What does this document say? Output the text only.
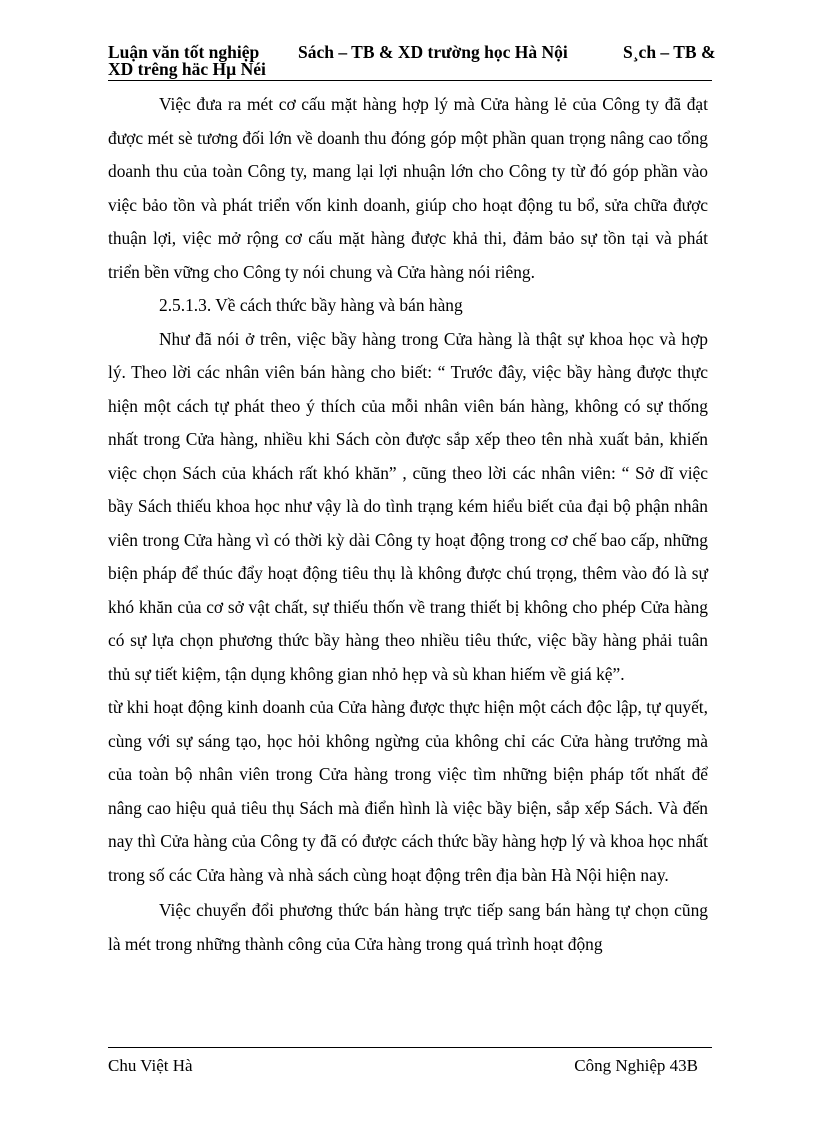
Luận văn tốt nghiệp Sách – TB & XD trường học Hà Nội	S¸ch – TB &
XD trêng häc Hµ Néi

Việc đưa ra mét cơ cấu mặt hàng hợp lý mà Cửa hàng lẻ của Công ty đã đạt được mét sè tương đối lớn về doanh thu đóng góp một phần quan trọng nâng cao tổng doanh thu của toàn Công ty, mang lại lợi nhuận lớn cho Công ty từ đó góp phần vào việc bảo tồn và phát triển vốn kinh doanh, giúp cho hoạt động tu bổ, sửa chữa được thuận lợi, việc mở rộng cơ cấu mặt hàng được khả thi, đảm bảo sự tồn tại và phát triển bền vững cho Công ty nói chung và Cửa hàng nói riêng.

2.5.1.3. Về cách thức bầy hàng và bán hàng

Như đã nói ở trên, việc bầy hàng trong Cửa hàng là thật sự khoa học và hợp lý. Theo lời các nhân viên bán hàng cho biết: “ Trước đây, việc bầy hàng được thực hiện một cách tự phát theo ý thích của mỗi nhân viên bán hàng, không có sự thống nhất trong Cửa hàng, nhiều khi Sách còn được sắp xếp theo tên nhà xuất bản, khiến việc chọn Sách của khách rất khó khăn” , cũng theo lời các nhân viên: “ Sở dĩ việc bầy Sách thiếu khoa học như vậy là do tình trạng kém hiểu biết của đại bộ phận nhân viên trong Cửa hàng vì có thời kỳ dài Công ty hoạt động trong cơ chế bao cấp, những biện pháp để thúc đẩy hoạt động tiêu thụ là không được chú trọng, thêm vào đó là sự khó khăn của cơ sở vật chất, sự thiếu thốn về trang thiết bị không cho phép Cửa hàng có sự lựa chọn phương thức bầy hàng theo nhiều tiêu thức, việc bầy hàng phải tuân thủ sự tiết kiệm, tận dụng không gian nhỏ hẹp và sù khan hiếm về giá kệ”.

từ khi hoạt động kinh doanh của Cửa hàng được thực hiện một cách độc lập, tự quyết, cùng với sự sáng tạo, học hỏi không ngừng của không chỉ các Cửa hàng trưởng mà của toàn bộ nhân viên trong Cửa hàng trong việc tìm những biện pháp tốt nhất để nâng cao hiệu quả tiêu thụ Sách mà điển hình là việc bầy biện, sắp xếp Sách. Và đến nay thì Cửa hàng của Công ty đã có được cách thức bầy hàng hợp lý và khoa học nhất trong số các Cửa hàng và nhà sách cùng hoạt động trên địa bàn Hà Nội hiện nay.

Việc chuyển đổi phương thức bán hàng trực tiếp sang bán hàng tự chọn cũng là mét trong những thành công của Cửa hàng trong quá trình hoạt động

Chu Việt Hà	Công Nghiệp 43B
